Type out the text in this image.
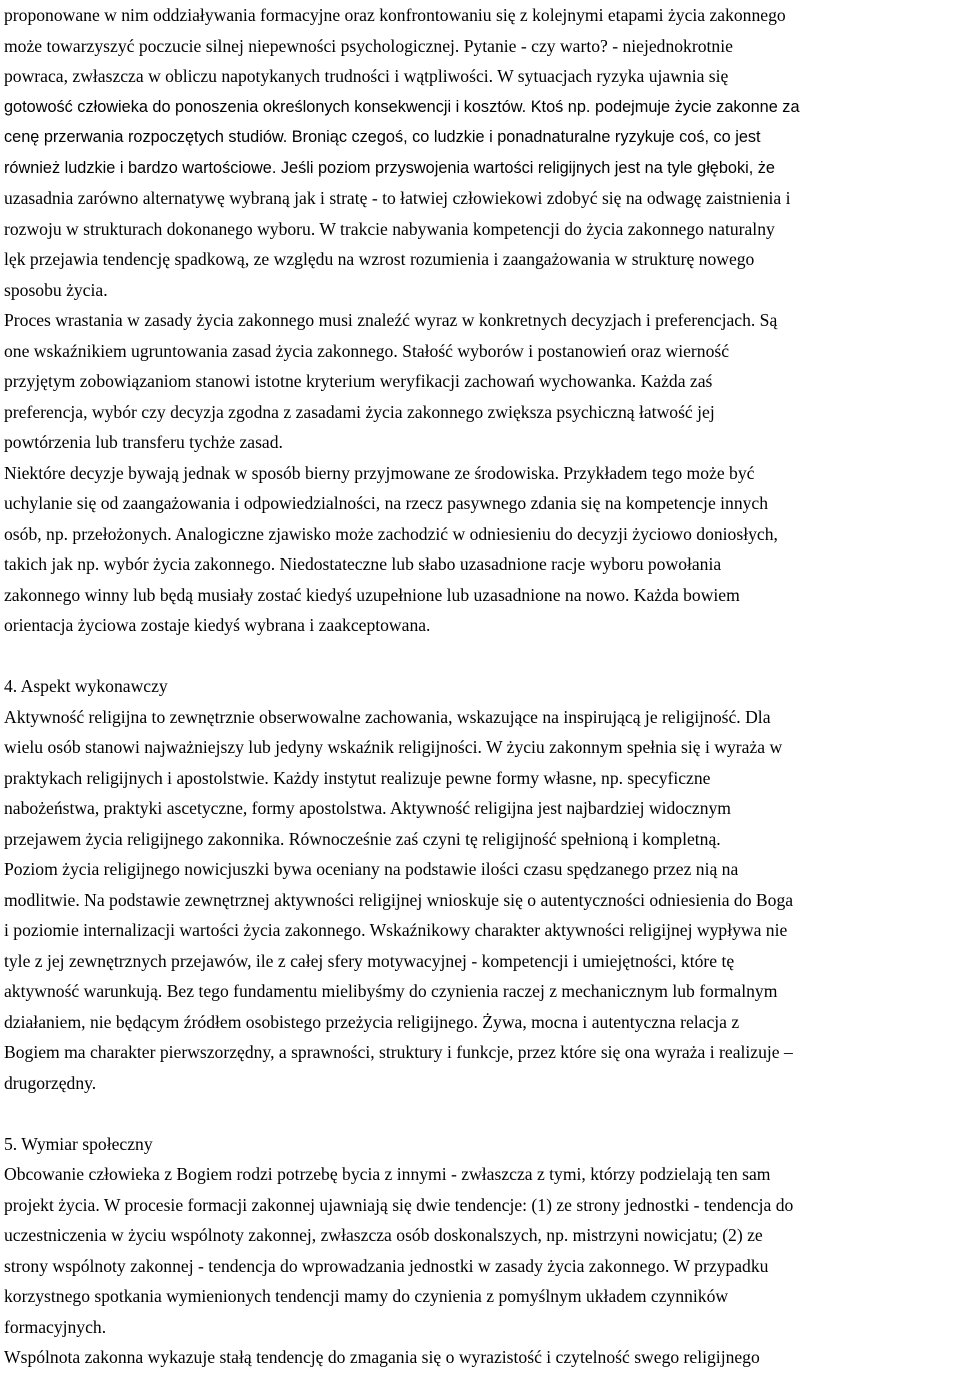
proponowane w nim oddziaływania formacyjne oraz konfrontowaniu się z kolejnymi etapami życia zakonnego
może towarzyszyć poczucie silnej niepewności psychologicznej. Pytanie - czy warto? - niejednokrotnie
powraca, zwłaszcza w obliczu napotykanych trudności i wątpliwości. W sytuacjach ryzyka ujawnia się
gotowość człowieka do ponoszenia określonych konsekwencji i kosztów. Ktoś np. podejmuje życie zakonne za
cenę przerwania rozpoczętych studiów. Broniąc czegoś, co ludzkie i ponadnaturalne ryzykuje coś, co jest
również ludzkie i bardzo wartościowe. Jeśli poziom przyswojenia wartości religijnych jest na tyle głęboki, że
uzasadnia zarówno alternatywę wybraną jak i stratę - to łatwiej człowiekowi zdobyć się na odwagę zaistnienia i
rozwoju w strukturach dokonanego wyboru. W trakcie nabywania kompetencji do życia zakonnego naturalny
lęk przejawia tendencję spadkową, ze względu na wzrost rozumienia i zaangażowania w strukturę nowego
sposobu życia.
Proces wrastania w zasady życia zakonnego musi znaleźć wyraz w konkretnych decyzjach i preferencjach. Są
one wskaźnikiem ugruntowania zasad życia zakonnego. Stałość wyborów i postanowień oraz wierność
przyjętym zobowiązaniom stanowi istotne kryterium weryfikacji zachowań wychowanka. Każda zaś
preferencja, wybór czy decyzja zgodna z zasadami życia zakonnego zwiększa psychiczną łatwość jej
powtórzenia lub transferu tychże zasad.
Niektóre decyzje bywają jednak w sposób bierny przyjmowane ze środowiska. Przykładem tego może być
uchylanie się od zaangażowania i odpowiedzialności, na rzecz pasywnego zdania się na kompetencje innych
osób, np. przełożonych. Analogiczne zjawisko może zachodzić w odniesieniu do decyzji życiowo doniosłych,
takich jak np. wybór życia zakonnego. Niedostateczne lub słabo uzasadnione racje wyboru powołania
zakonnego winny lub będą musiały zostać kiedyś uzupełnione lub uzasadnione na nowo. Każda bowiem
orientacja życiowa zostaje kiedyś wybrana i zaakceptowana.
4. Aspekt wykonawczy
Aktywność religijna to zewnętrznie obserwowalne zachowania, wskazujące na inspirującą je religijność. Dla
wielu osób stanowi najważniejszy lub jedyny wskaźnik religijności. W życiu zakonnym spełnia się i wyraża w
praktykach religijnych i apostolstwie. Każdy instytut realizuje pewne formy własne, np. specyficzne
nabożeństwa, praktyki ascetyczne, formy apostolstwa. Aktywność religijna jest najbardziej widocznym
przejawem życia religijnego zakonnika. Równocześnie zaś czyni tę religijność spełnioną i kompletną.
Poziom życia religijnego nowicjuszki bywa oceniany na podstawie ilości czasu spędzanego przez nią na
modlitwie. Na podstawie zewnętrznej aktywności religijnej wnioskuje się o autentyczności odniesienia do Boga
i poziomie internalizacji wartości życia zakonnego. Wskaźnikowy charakter aktywności religijnej wypływa nie
tyle z jej zewnętrznych przejawów, ile z całej sfery motywacyjnej - kompetencji i umiejętności, które tę
aktywność warunkują. Bez tego fundamentu mielibyśmy do czynienia raczej z mechanicznym lub formalnym
działaniem, nie będącym źródłem osobistego przeżycia religijnego. Żywa, mocna i autentyczna relacja z
Bogiem ma charakter pierwszorzędny, a sprawności, struktury i funkcje, przez które się ona wyraża i realizuje –
drugorzędny.
5. Wymiar społeczny
Obcowanie człowieka z Bogiem rodzi potrzebę bycia z innymi - zwłaszcza z tymi, którzy podzielają ten sam
projekt życia. W procesie formacji zakonnej ujawniają się dwie tendencje: (1) ze strony jednostki - tendencja do
uczestniczenia w życiu wspólnoty zakonnej, zwłaszcza osób doskonalszych, np. mistrzyni nowicjatu; (2) ze
strony wspólnoty zakonnej - tendencja do wprowadzania jednostki w zasady życia zakonnego. W przypadku
korzystnego spotkania wymienionych tendencji mamy do czynienia z pomyślnym układem czynników
formacyjnych.
Wspólnota zakonna wykazuje stałą tendencję do zmagania się o wyrazistość i czytelność swego religijnego
